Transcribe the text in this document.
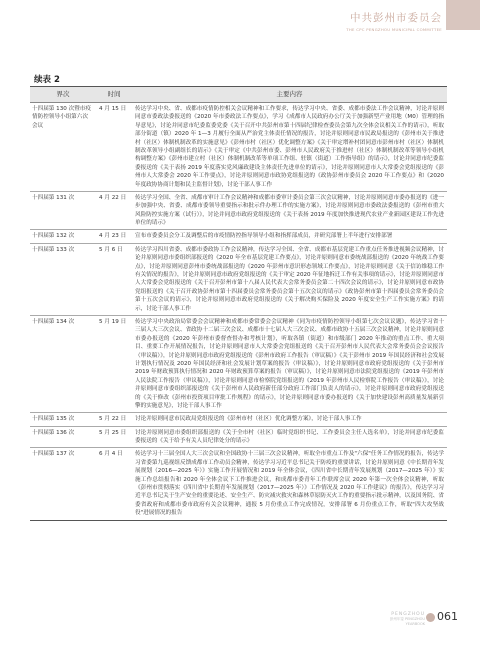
中共彭州市委员会
THE CPC PENGZHOU MUNICIPAL COMMITTEE
续表 2
界次	时间	主要内容
十四届第 130 次暨市疫情防控领导小组第六次会议	4 月 15 日	传达学习中央、省、成都市疫情防控相关会议精神和工作要求，传达学习中央、省委、成都市委法工作会议精神，讨论并原则同意市委政法委报送的《2020 年市委政法工作要点》，学习《成都市人民政府办公厅关于加强新型产业用地（M0）管理的指导意见》，讨论并同意市纪委监委党委《关于召开中共彭州市第十四届纪律检查委员会第九次全体会议相关工作的请示》，听取部分街道（镇）2020 年 1—3 月履行全面从严治党主体责任情况的报告，讨论并原则同意市民政局报送的《彭州市关于推进村（社区）体制机制改革的实施意见》《彭州市村（社区）优化调整方案》《关于审定増补村团同意市彭州市村（社区）体制机制改革领导小组副组长的请示》《关于审定《中共彭州市委、彭州市人民政府关于推进村（社区）体制机制改革等领导小组机构调整方案》《彭州市建立村（社区）体制机制改革等单项工作组、驻镇（街道）工作指导组》的请示》，讨论并同意市纪委监委报送的《关于表扬 2019 年度落实党风廉政建设主体责任先进单位的请示》，讨论并原则同意市人大常委会党组报送的《彭州市人大常委会 2020 年工作要点》，讨论并原则同意市政协党组报送的《政协彭州市委员会 2020 年工作要点》和《2020 年度政协协商计划和民主监督计划》，讨论干部人事工作
十四届第 131 次	4 月 22 日	传达学习全国、全省、成都市审计工作会议精神和成都市委审计委员会第三次会议精神，讨论并原则同意市委办报送的《进一步加强中央、省委、成都市委领导重要指示和批示件办理工作的实施方案》，讨论并原则同意市委政法委报送的《彭州市重大风险防控实施方案（试行）》，讨论并同意市政府党组报送的《关于表扬 2019 年度加快推进现代农业产业新园区建设工作先进单位的请示》
十四届第 132 次	4 月 23 日	宣布市委委员会分工及调整后的市疫情防控指导领导小组和指挥部成员，并研究部署上半年进行安排部署
十四届第 133 次	5 月 6 日	传达学习四川省委、成都市委政协工作会议精神，传达学习全国、全省、成都市基层党建工作重点任务推进视频会议精神，讨论并原则同意市委组织部报送的《2020 年全市基层党建工作要点》，讨论并原则同意市委统战部报送的《2020 年统战工作要点》，讨论并原则同意彭州市委统战部报送的《2020 年彭州市意识形态领域工作要点》，讨论并原则同意《关于信访维稳工作有关情况的报告》，讨论并原则同意市政府党组报送的《关于审定 2020 年征地拆迁工作有关事项的请示》，讨论并原则同意市人大常委会党组报送的《关于召开彭州市第十八届人民代表大会常务委员会第二十四次会议的请示》，讨论并原则同意市政协党组报送的《关于召开政协彭州市第十四届委员会常务委员会第十五次会议的请示》《政协彭州市第十四届委员会常务委员会第十五次会议的请示》，讨论并原则同意市政府党组报送的《关于解决购买保险及 2020 年度安全生产工作实施方案》的请示，讨论干部人事工作
十四届第 134 次	5 月 19 日	传达学习中央政治局常委会会议精神和成都市委常委会会议精神《同为市疫情防控领导小组第七次会议议题》，传达学习省十三届人大三次会议、省政协十二届三次会议、成都市十七届人大三次会议、成都市政协十五届三次会议精神，讨论并原则同意市委办报送的《2020 年彭州市委督查督办和考核计划》，听取各镇（街道）和市级部门 2020 年推动的重点工作、重大项目、重要工作开展情况报告，讨论并原则同意市人大常委会党组报送的《关于召开彭州市人民代表大会常务委员会会议报告（审议稿）》，讨论并原则同意市政府党组报送的《彭州市政府工作报告（审议稿）》《关于彭州市 2019 年国民经济和社会发展计划执行情况及 2020 年国民经济和社会发展计划草案的报告（审议稿）》，讨论并原则同意市政府党组报送的《关于彭州市 2019 年财政预算执行情况和 2020 年财政预算草案的报告（审议稿）》，讨论并原则同意市法院党组报送的《2019 年彭州市人民法院工作报告（审议稿）》，讨论并原则同意市检察院党组报送的《2019 年彭州市人民检察院工作报告（审议稿）》，讨论并原则同意市委组织部报送的《关于彭州市人民政府新任部分政府工作部门负责人的请示》，讨论并原则同意市政府党组报送的《关于修改《彭州市投资项目审批工作规程》的请示》，讨论并原则同意市委办报送的《关于加快建设彭州高质量发展新引擎的实施意见》，讨论干部人事工作
十四届第 135 次	5 月 22 日	讨论并原则同意市民政局党组报送的《彭州市村（社区）优化调整方案》，讨论干部人事工作
十四届第 136 次	5 月 25 日	讨论并原则同意市委组织部报送的《关于全市村（社区）临时党组织书记、工作委员会主任人选名单》，讨论并同意市纪委监委报送的《关于给予有关人员纪律处分的请示》
十四届第 137 次	6 月 4 日	传达学习十三届全国人大三次会议和全国政协十三届三次会议精神，听取全市重点工作及"六保"任务工作情况的报告，传达学习省委第九巡视组反馈成都市工作动员会精神，传达学习习近平总书记关于防疫的重要讲话，讨论并原则同意《中长期青年发展规划（2016—2025 年）》实施工作开展情况和 2019 年全体会议，《四川省中长期青年发展规划（2017—2025 年）》实施工作总结报告和 2020 年全体会议下工作推进会议，和成都市委青年工作联席会议 2020 年第一次全体会议精神，听取《彭州市贯彻落实《四川省中长期青年发展规划（2017—2025 年）》工作情况及 2020 年工作建议》的报告》，传达学习习近平总书记关于生产安全的重要论述、安全生产、防灾减灾救灾和森林草原防灭火工作的重要指示批示精神，以及国务院、省委省政府和成都市委市政府有关会议精神，通报 5 月份重点工作完成情况，安排部署 6 月份重点工作，听取"四大攻坚战役"进展情况的报告
PENGZHOU
彭州年鉴 PENGZHOU YEARBOOK
061
